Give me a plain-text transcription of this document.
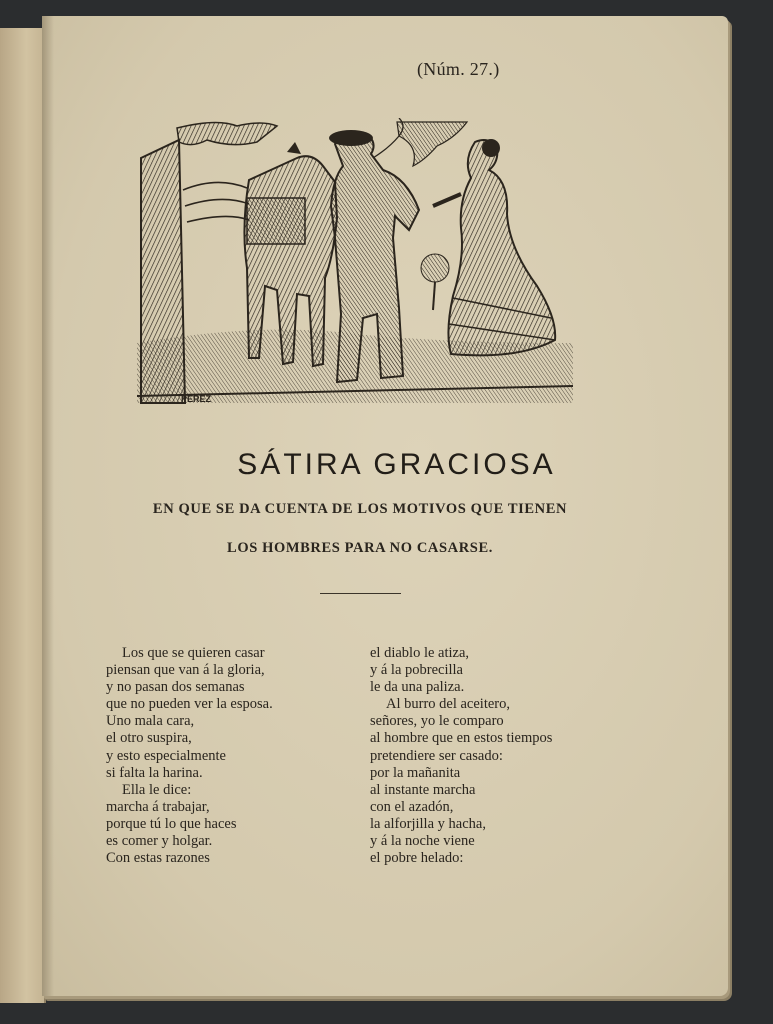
(Núm. 27.)

PEREZ
SÁTIRA GRACIOSA

EN QUE SE DA CUENTA DE LOS MOTIVOS QUE TIENEN

LOS HOMBRES PARA NO CASARSE.

Los que se quieren casar
piensan que van á la gloria,
y no pasan dos semanas
que no pueden ver la esposa.
Uno mala cara,
el otro suspira,
y esto especialmente
si falta la harina.
Ella le dice:
marcha á trabajar,
porque tú lo que haces
es comer y holgar.
Con estas razones
el diablo le atiza,
y á la pobrecilla
le da una paliza.
Al burro del aceitero,
señores, yo le comparo
al hombre que en estos tiempos
pretendiere ser casado:
por la mañanita
al instante marcha
con el azadón,
la alforjilla y hacha,
y á la noche viene
el pobre helado:
